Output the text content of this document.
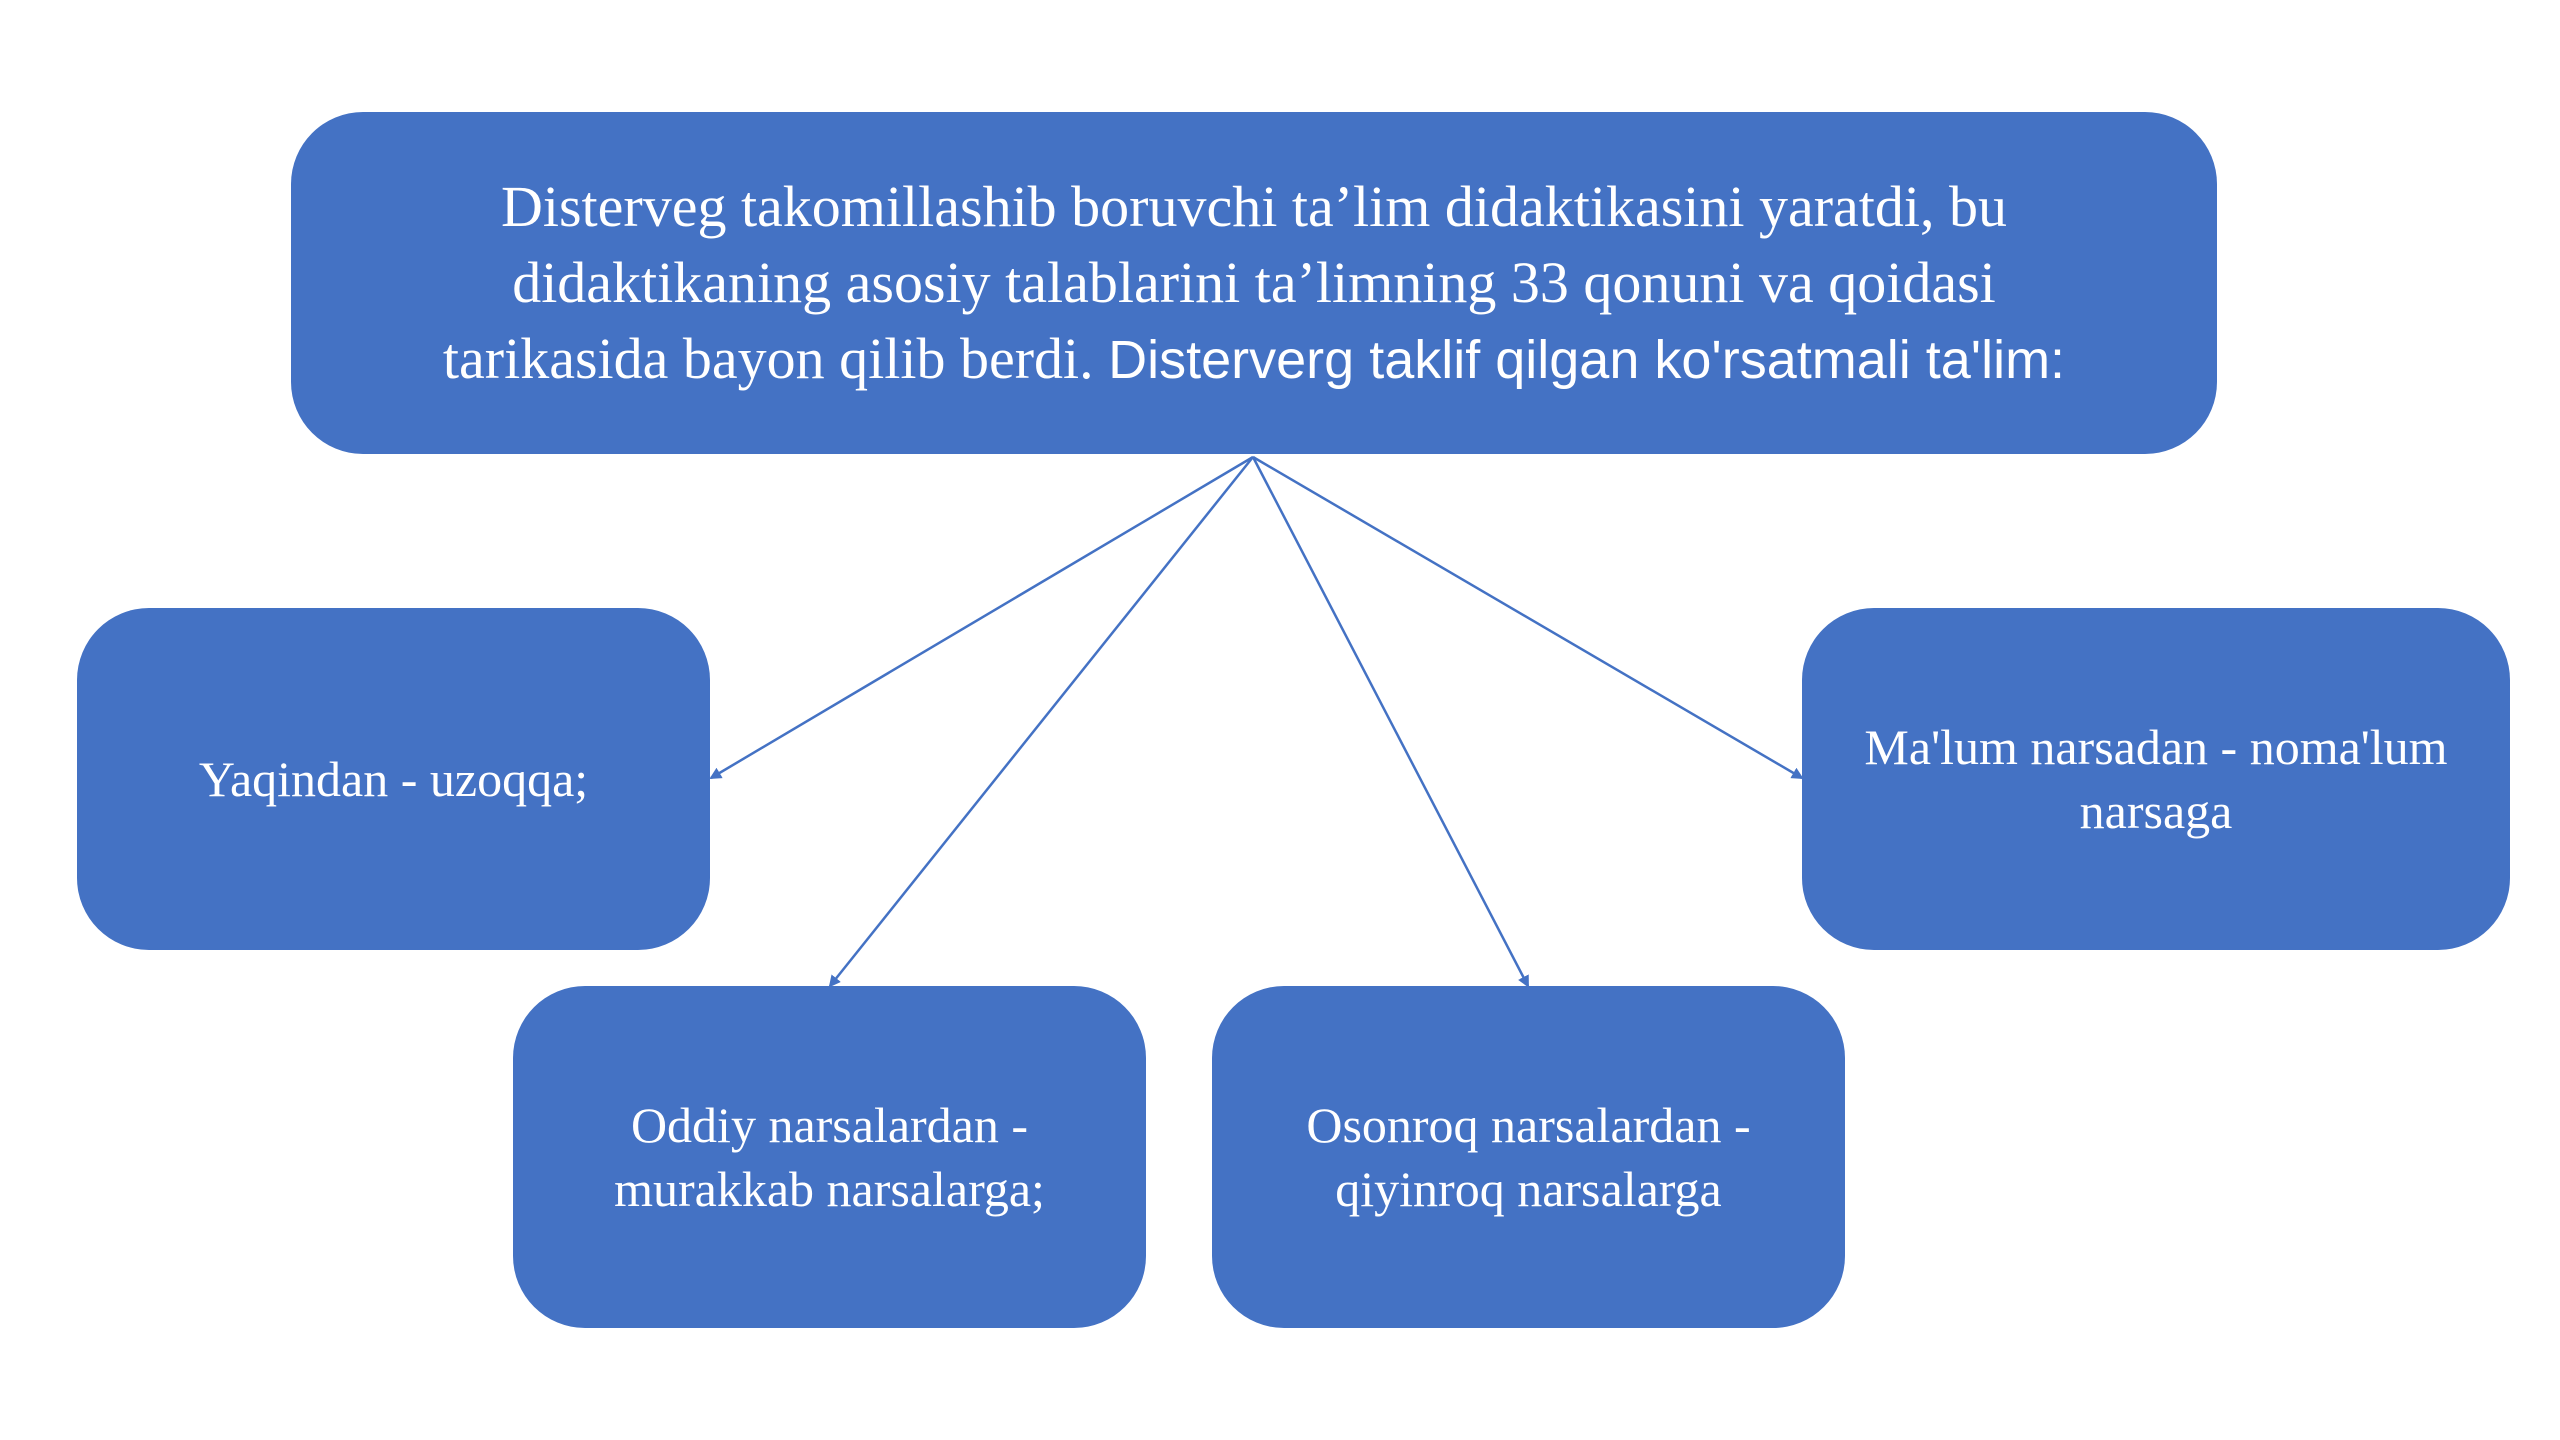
Disterveg takomillashib boruvchi ta’lim didaktikasini yaratdi, bu
didaktikaning asosiy talablarini ta’limning 33 qonuni va qoidasi
tarikasida bayon qilib berdi. Disterverg taklif qilgan ko'rsatmali ta'lim:
Yaqindan - uzoqqa;
Oddiy narsalardan -
murakkab narsalarga;
Osonroq narsalardan -
qiyinroq narsalarga
Ma'lum narsadan - noma'lum
narsaga
